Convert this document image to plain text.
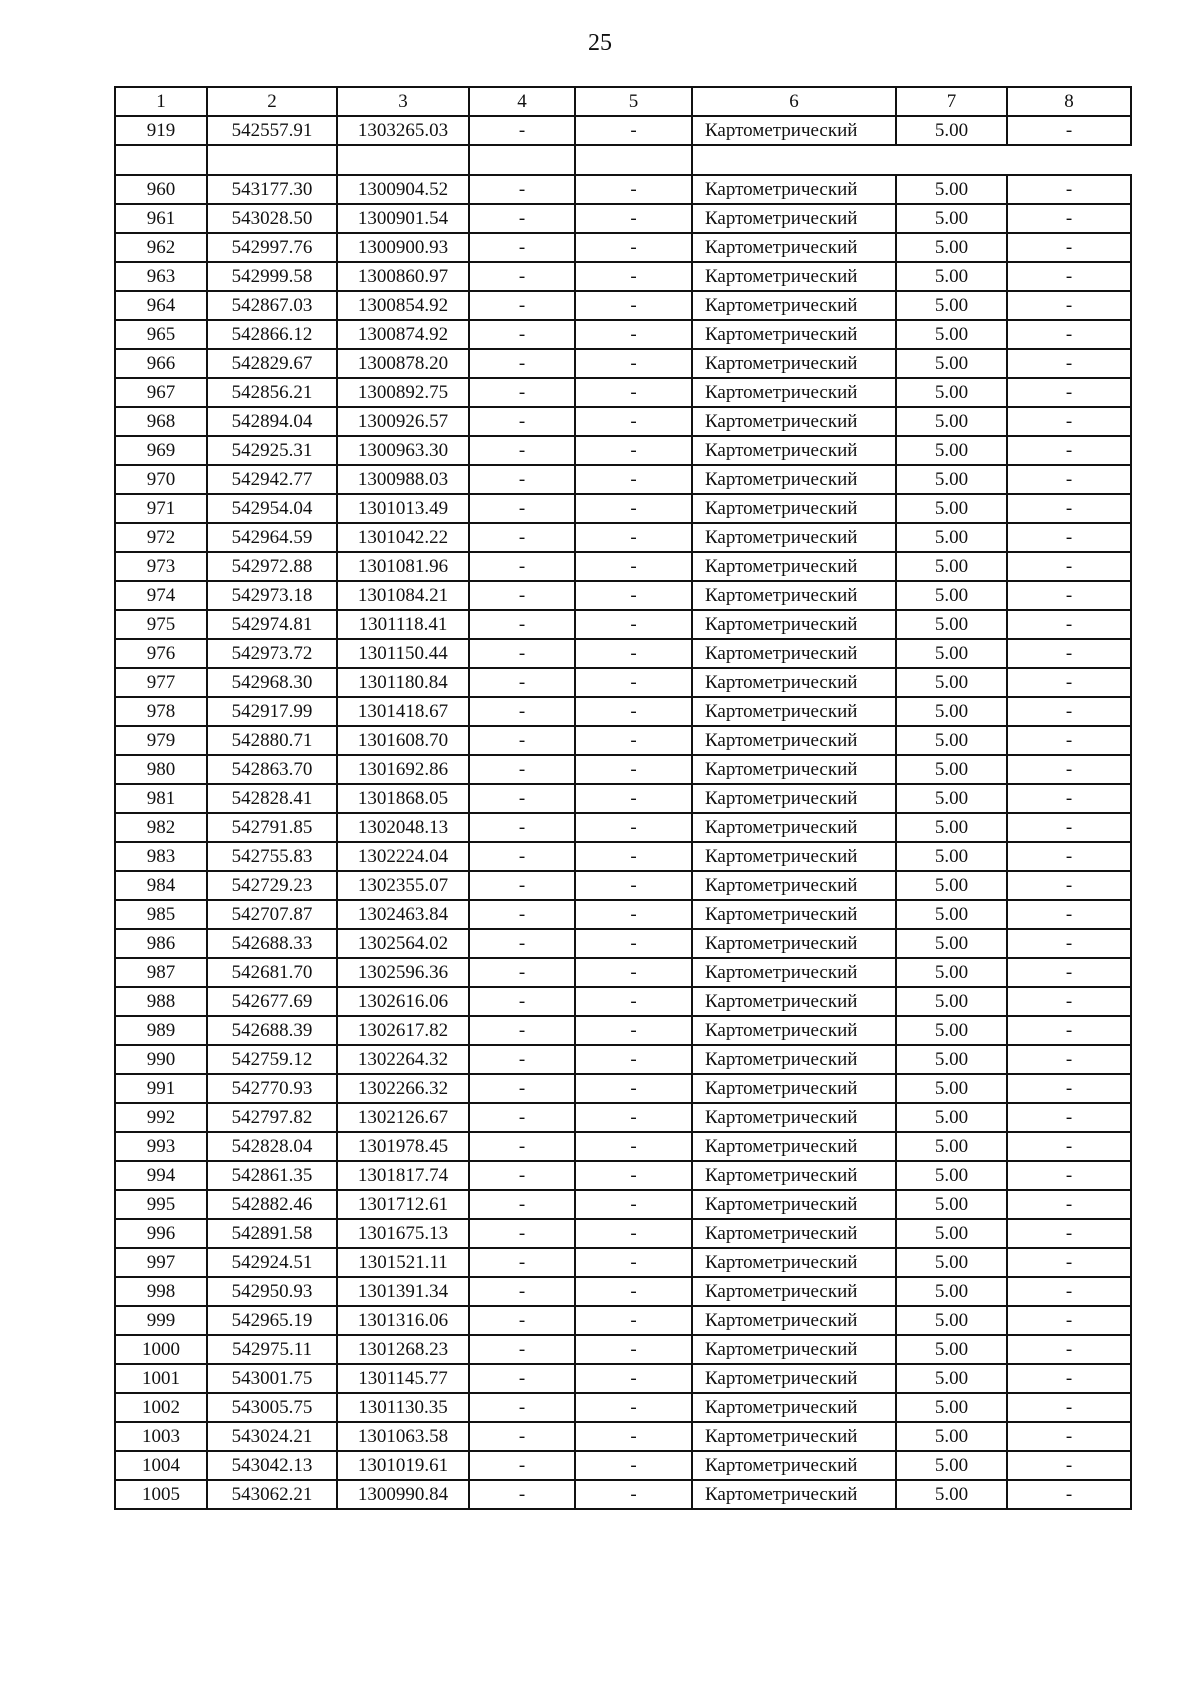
25
1	2	3	4	5	6	7	8
919	542557.91	1303265.03	-	-	Картометрический	5.00	-

960	543177.30	1300904.52	-	-	Картометрический	5.00	-
961	543028.50	1300901.54	-	-	Картометрический	5.00	-
962	542997.76	1300900.93	-	-	Картометрический	5.00	-
963	542999.58	1300860.97	-	-	Картометрический	5.00	-
964	542867.03	1300854.92	-	-	Картометрический	5.00	-
965	542866.12	1300874.92	-	-	Картометрический	5.00	-
966	542829.67	1300878.20	-	-	Картометрический	5.00	-
967	542856.21	1300892.75	-	-	Картометрический	5.00	-
968	542894.04	1300926.57	-	-	Картометрический	5.00	-
969	542925.31	1300963.30	-	-	Картометрический	5.00	-
970	542942.77	1300988.03	-	-	Картометрический	5.00	-
971	542954.04	1301013.49	-	-	Картометрический	5.00	-
972	542964.59	1301042.22	-	-	Картометрический	5.00	-
973	542972.88	1301081.96	-	-	Картометрический	5.00	-
974	542973.18	1301084.21	-	-	Картометрический	5.00	-
975	542974.81	1301118.41	-	-	Картометрический	5.00	-
976	542973.72	1301150.44	-	-	Картометрический	5.00	-
977	542968.30	1301180.84	-	-	Картометрический	5.00	-
978	542917.99	1301418.67	-	-	Картометрический	5.00	-
979	542880.71	1301608.70	-	-	Картометрический	5.00	-
980	542863.70	1301692.86	-	-	Картометрический	5.00	-
981	542828.41	1301868.05	-	-	Картометрический	5.00	-
982	542791.85	1302048.13	-	-	Картометрический	5.00	-
983	542755.83	1302224.04	-	-	Картометрический	5.00	-
984	542729.23	1302355.07	-	-	Картометрический	5.00	-
985	542707.87	1302463.84	-	-	Картометрический	5.00	-
986	542688.33	1302564.02	-	-	Картометрический	5.00	-
987	542681.70	1302596.36	-	-	Картометрический	5.00	-
988	542677.69	1302616.06	-	-	Картометрический	5.00	-
989	542688.39	1302617.82	-	-	Картометрический	5.00	-
990	542759.12	1302264.32	-	-	Картометрический	5.00	-
991	542770.93	1302266.32	-	-	Картометрический	5.00	-
992	542797.82	1302126.67	-	-	Картометрический	5.00	-
993	542828.04	1301978.45	-	-	Картометрический	5.00	-
994	542861.35	1301817.74	-	-	Картометрический	5.00	-
995	542882.46	1301712.61	-	-	Картометрический	5.00	-
996	542891.58	1301675.13	-	-	Картометрический	5.00	-
997	542924.51	1301521.11	-	-	Картометрический	5.00	-
998	542950.93	1301391.34	-	-	Картометрический	5.00	-
999	542965.19	1301316.06	-	-	Картометрический	5.00	-
1000	542975.11	1301268.23	-	-	Картометрический	5.00	-
1001	543001.75	1301145.77	-	-	Картометрический	5.00	-
1002	543005.75	1301130.35	-	-	Картометрический	5.00	-
1003	543024.21	1301063.58	-	-	Картометрический	5.00	-
1004	543042.13	1301019.61	-	-	Картометрический	5.00	-
1005	543062.21	1300990.84	-	-	Картометрический	5.00	-
